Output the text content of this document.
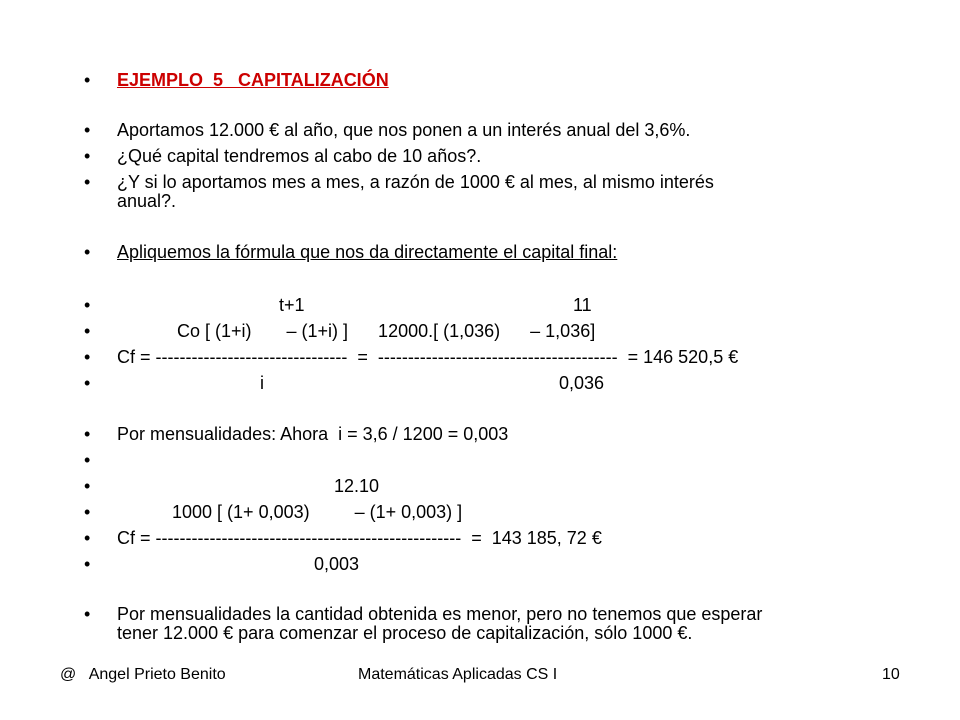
•

EJEMPLO  5   CAPITALIZACIÓN

•

Aportamos 12.000 € al año, que nos ponen a un interés anual del 3,6%.

•

¿Qué capital tendremos al cabo de 10 años?.

•

¿Y si lo aportamos mes a mes, a razón de 1000 € al mes, al mismo interés

anual?.

•

Apliquemos la fórmula que nos da directamente el capital final:

•

	t+1

	11

•

	Co [ (1+i)       – (1+i) ]      12000.[ (1,036)      – 1,036]

•

Cf = --------------------------------  =  ----------------------------------------  = 146 520,5 €

•

	i

	0,036

•

Por mensualidades: Ahora  i = 3,6 / 1200 = 0,003

•

•

	12.10

•

	1000 [ (1+ 0,003)         – (1+ 0,003) ]

•

Cf = ---------------------------------------------------  =  143 185, 72 €

•

	0,003

•

Por mensualidades la cantidad obtenida es menor, pero no tenemos que esperar

tener 12.000 € para comenzar el proceso de capitalización, sólo 1000 €.

@   Angel Prieto Benito	Matemáticas Aplicadas CS I	10
